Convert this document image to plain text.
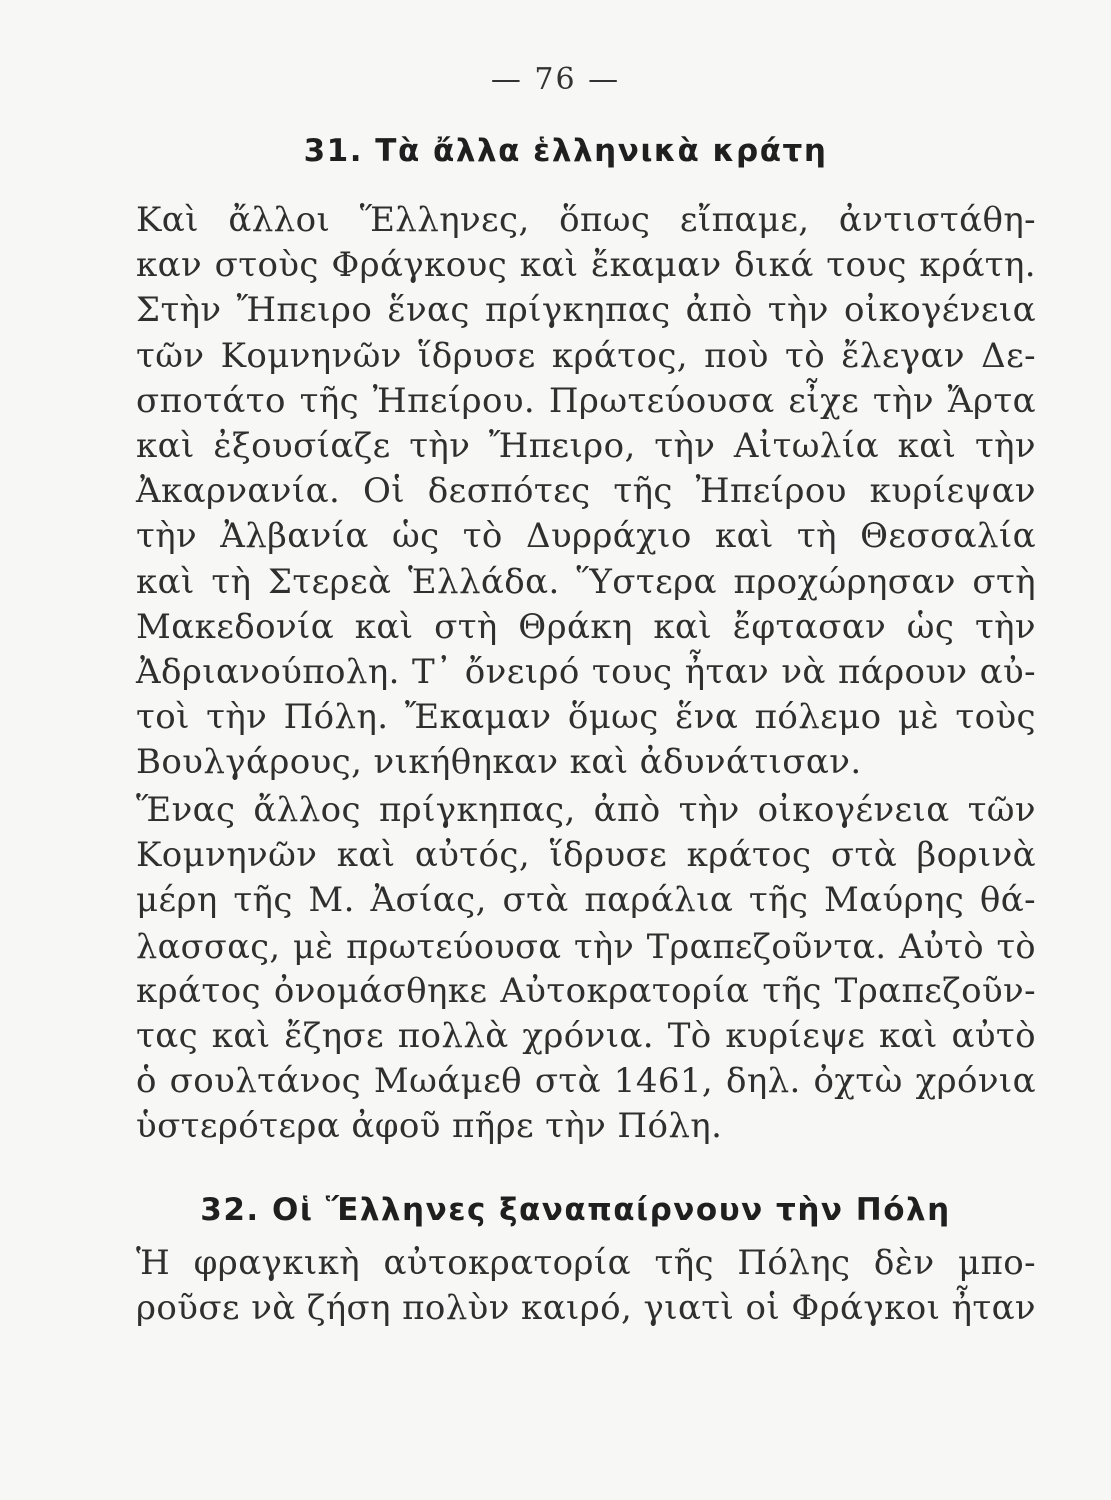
— 76 —
31. Τὰ ἄλλα ἑλληνικὰ κράτη
Καὶ ἄλλοι Ἕλληνες, ὅπως εἴπαμε, ἀντιστάθη-
καν στοὺς Φράγκους καὶ ἔκαμαν δικά τους κράτη.
Στὴν Ἤπειρο ἕνας πρίγκηπας ἀπὸ τὴν οἰκογένεια
τῶν Κομνηνῶν ἵδρυσε κράτος, ποὺ τὸ ἔλεγαν Δε-
σποτάτο τῆς Ἠπείρου. Πρωτεύουσα εἶχε τὴν Ἄρτα
καὶ ἐξουσίαζε τὴν Ἤπειρο, τὴν Αἰτωλία καὶ τὴν
Ἀκαρνανία. Οἱ δεσπότες τῆς Ἠπείρου κυρίεψαν
τὴν Ἀλβανία ὡς τὸ Δυρράχιο καὶ τὴ Θεσσαλία
καὶ τὴ Στερεὰ Ἑλλάδα. Ὕστερα προχώρησαν στὴ
Μακεδονία καὶ στὴ Θράκη καὶ ἔφτασαν ὡς τὴν
Ἀδριανούπολη. Τ᾽ ὄνειρό τους ἦταν νὰ πάρουν αὐ-
τοὶ τὴν Πόλη. Ἔκαμαν ὅμως ἕνα πόλεμο μὲ τοὺς
Βουλγάρους, νικήθηκαν καὶ ἀδυνάτισαν.
Ἕνας ἄλλος πρίγκηπας, ἀπὸ τὴν οἰκογένεια τῶν
Κομνηνῶν καὶ αὐτός, ἵδρυσε κράτος στὰ βορινὰ
μέρη τῆς Μ. Ἀσίας, στὰ παράλια τῆς Μαύρης θά-
λασσας, μὲ πρωτεύουσα τὴν Τραπεζοῦντα. Αὐτὸ τὸ
κράτος ὀνομάσθηκε Αὐτοκρατορία τῆς Τραπεζοῦν-
τας καὶ ἔζησε πολλὰ χρόνια. Τὸ κυρίεψε καὶ αὐτὸ
ὁ σουλτάνος Μωάμεθ στὰ 1461, δηλ. ὀχτὼ χρόνια
ὑστερότερα ἀφοῦ πῆρε τὴν Πόλη.
32. Οἱ Ἕλληνες ξαναπαίρνουν τὴν Πόλη
Ἡ φραγκικὴ αὐτοκρατορία τῆς Πόλης δὲν μπο-
ροῦσε νὰ ζήση πολὺν καιρό, γιατὶ οἱ Φράγκοι ἦταν
